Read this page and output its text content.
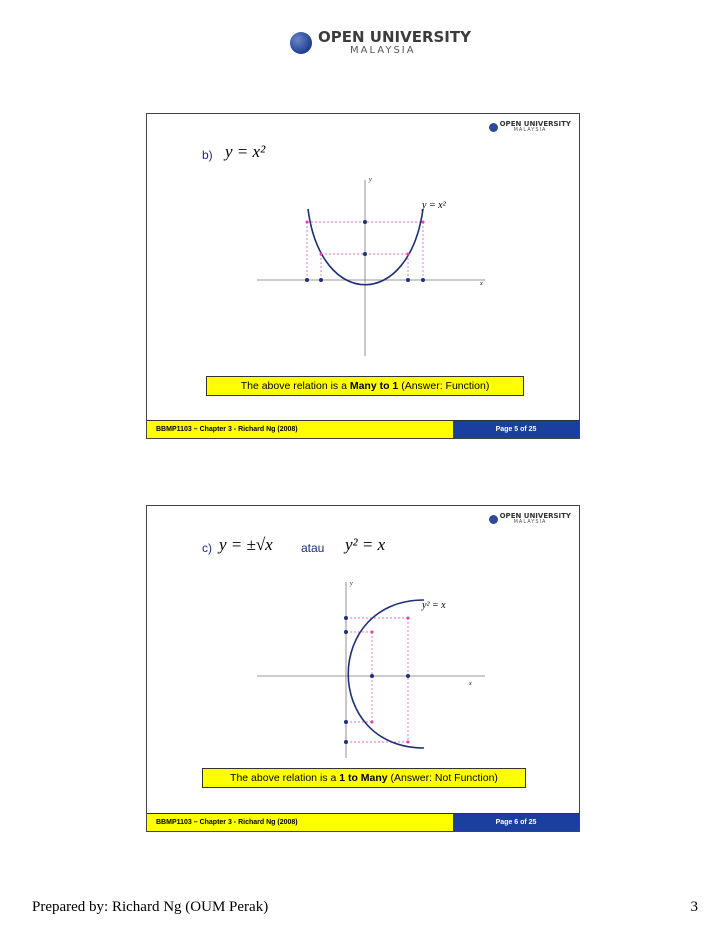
OPEN UNIVERSITY
MALAYSIA
OPEN UNIVERSITY
MALAYSIA
b) y = x²
y
x
y = x²
The above relation is a Many to 1 (Answer: Function)
BBMP1103 – Chapter 3 - Richard Ng (2008)	Page 5 of 25
OPEN UNIVERSITY
MALAYSIA
c) y = ±√x atau y² = x
y
x
y² = x
The above relation is a 1 to Many (Answer: Not Function)
BBMP1103 – Chapter 3 - Richard Ng (2008)	Page 6 of 25
Prepared by: Richard Ng (OUM Perak)	3
